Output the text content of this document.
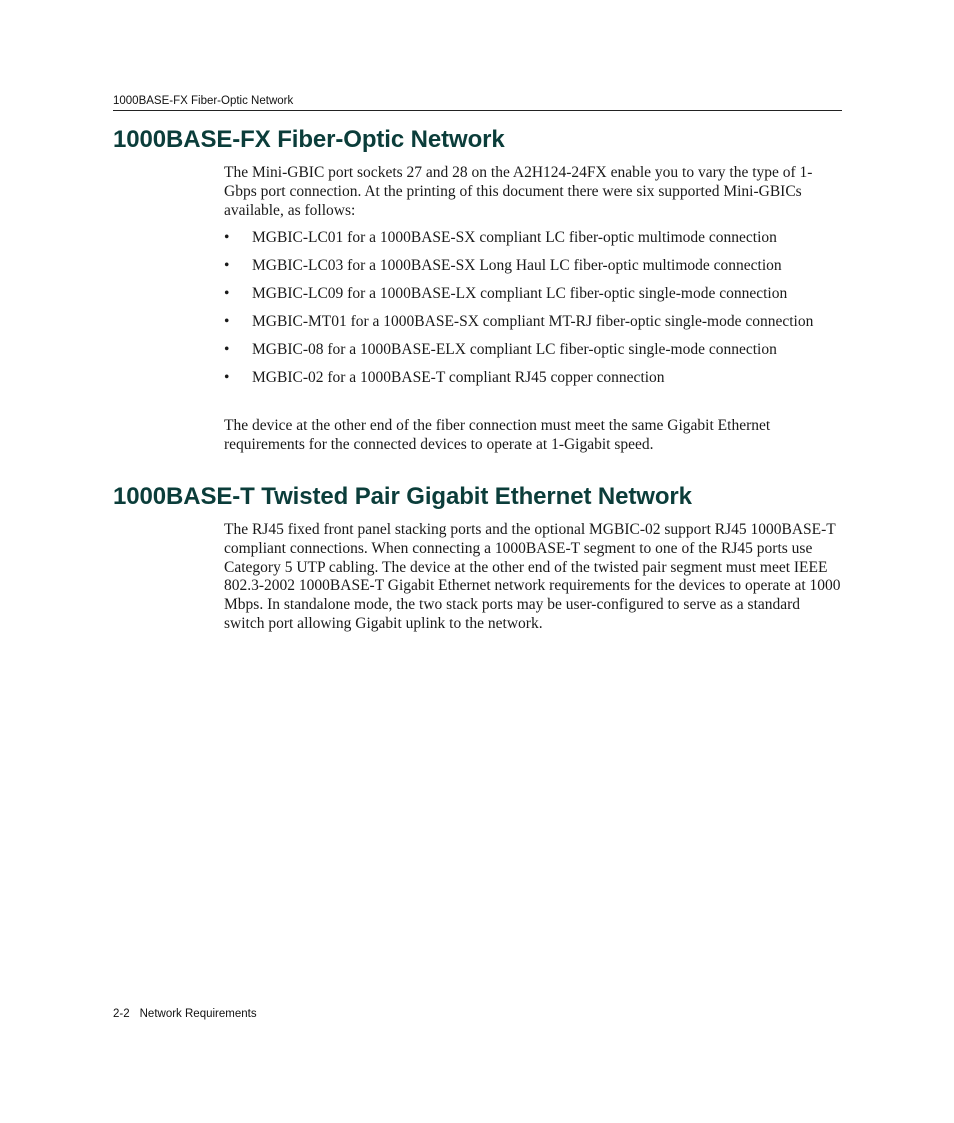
1000BASE-FX Fiber-Optic Network
1000BASE-FX Fiber-Optic Network

The Mini-GBIC port sockets 27 and 28 on the A2H124-24FX enable you to vary the type of 1-Gbps port connection. At the printing of this document there were six supported Mini-GBICs available, as follows:

• MGBIC-LC01 for a 1000BASE-SX compliant LC fiber-optic multimode connection
• MGBIC-LC03 for a 1000BASE-SX Long Haul LC fiber-optic multimode connection
• MGBIC-LC09 for a 1000BASE-LX compliant LC fiber-optic single-mode connection
• MGBIC-MT01 for a 1000BASE-SX compliant MT-RJ fiber-optic single-mode connection
• MGBIC-08 for a 1000BASE-ELX compliant LC fiber-optic single-mode connection
• MGBIC-02 for a 1000BASE-T compliant RJ45 copper connection

The device at the other end of the fiber connection must meet the same Gigabit Ethernet requirements for the connected devices to operate at 1-Gigabit speed.

1000BASE-T Twisted Pair Gigabit Ethernet Network

The RJ45 fixed front panel stacking ports and the optional MGBIC-02 support RJ45 1000BASE-T compliant connections. When connecting a 1000BASE-T segment to one of the RJ45 ports use Category 5 UTP cabling. The device at the other end of the twisted pair segment must meet IEEE 802.3-2002 1000BASE-T Gigabit Ethernet network requirements for the devices to operate at 1000 Mbps. In standalone mode, the two stack ports may be user-configured to serve as a standard switch port allowing Gigabit uplink to the network.

2-2 Network Requirements
